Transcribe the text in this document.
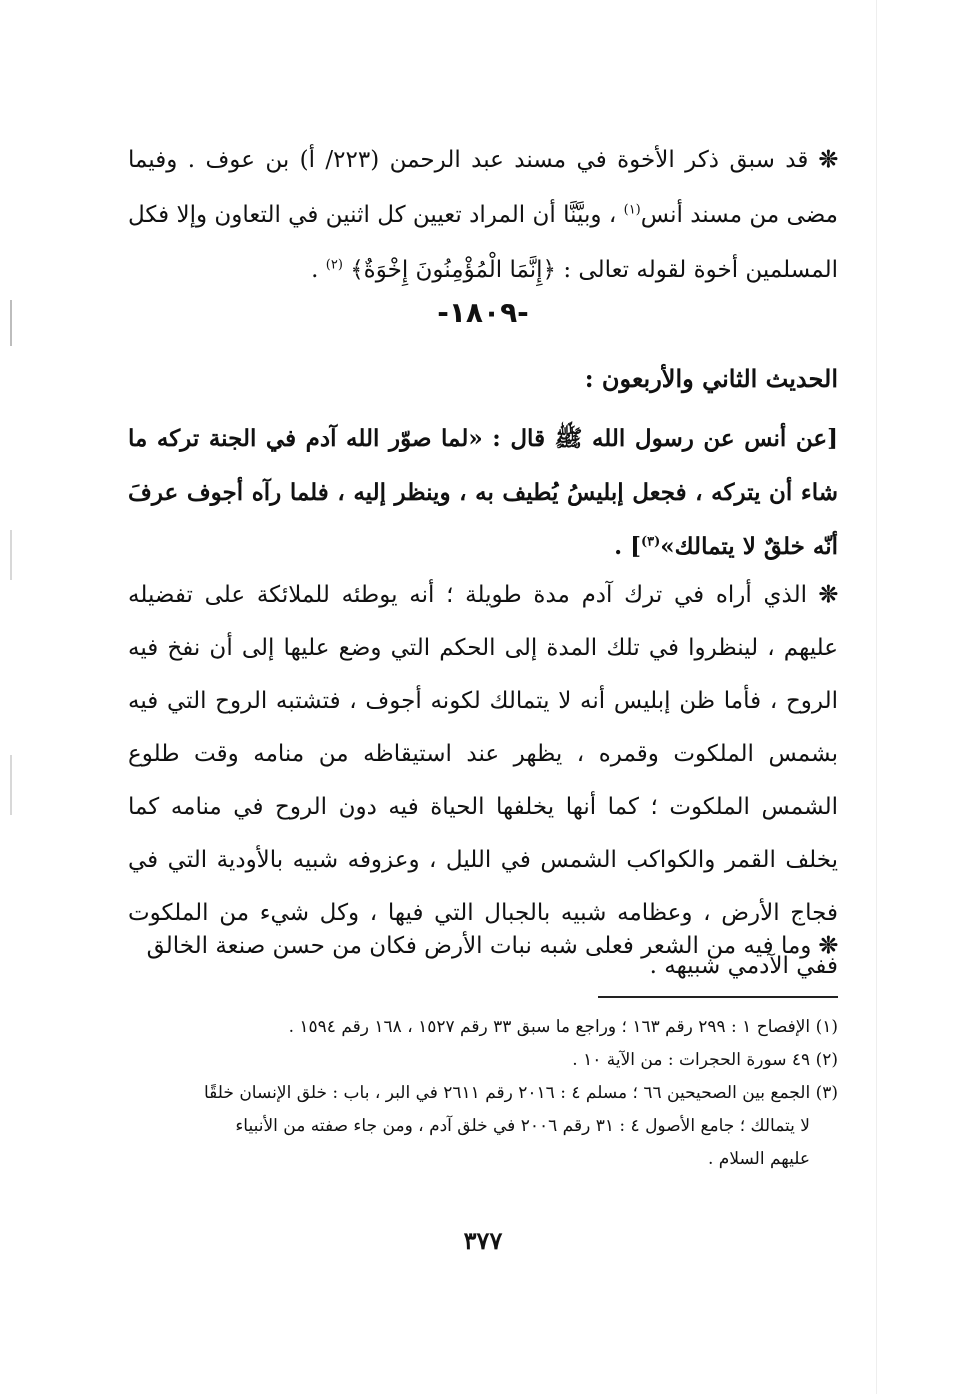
❊ قد سبق ذكر الأخوة في مسند عبد الرحمن (٢٢٣/ أ) بن عوف . وفيما مضى من مسند أنس$^{(١)}$ ، وبيَّنَّا أن المراد تعيين كل اثنين في التعاون وإلا فكل المسلمين أخوة لقوله تعالى : ﴿إِنَّمَا الْمُؤْمِنُونَ إِخْوَةٌ﴾ $^{(٢)}$ .

-١٨٠٩-
الحديث الثاني والأربعون :

[عن أنس عن رسول الله ﷺ قال : «لما صوّر الله آدم في الجنة تركه ما شاء أن يتركه ، فجعل إبليسُ يُطيف به ، وينظر إليه ، فلما رآه أجوف عرفَ أنّه خلقٌ لا يتمالك»$^{(٣)}$] .

❊ الذي أراه في ترك آدم مدة طويلة ؛ أنه يوطئه للملائكة على تفضيله عليهم ، لينظروا في تلك المدة إلى الحكم التي وضع عليها إلى أن نفخ فيه الروح ، فأما ظن إبليس أنه لا يتمالك لكونه أجوف ، فتشتبه الروح التي فيه بشمس الملكوت وقمره ، يظهر عند استيقاظه من منامه وقت طلوع الشمس الملكوت ؛ كما أنها يخلفها الحياة فيه دون الروح في منامه كما يخلف القمر والكواكب الشمس في الليل ، وعزوفه شبيه بالأودية التي في فجاج الأرض ، وعظامه شبيه بالجبال التي فيها ، وكل شيء من الملكوت ففي الآدمي شبيهه .

❊ وما فيه من الشعر فعلى شبه نبات الأرض فكان من حسن صنعة الخالق

(١) الإفصاح ١ : ٢٩٩ رقم ١٦٣ ؛ وراجع ما سبق ٣٣ رقم ١٥٢٧ ، ١٦٨ رقم ١٥٩٤ .
(٢) ٤٩ سورة الحجرات : من الآية ١٠ .
(٣) الجمع بين الصحيحين ٦٦ ؛ مسلم ٤ : ٢٠١٦ رقم ٢٦١١ في البر ، باب : خلق الإنسان خلقًا
لا يتمالك ؛ جامع الأصول ٤ : ٣١ رقم ٢٠٠٦ في خلق آدم ، ومن جاء صفته من الأنبياء
عليهم السلام .
٣٧٧
